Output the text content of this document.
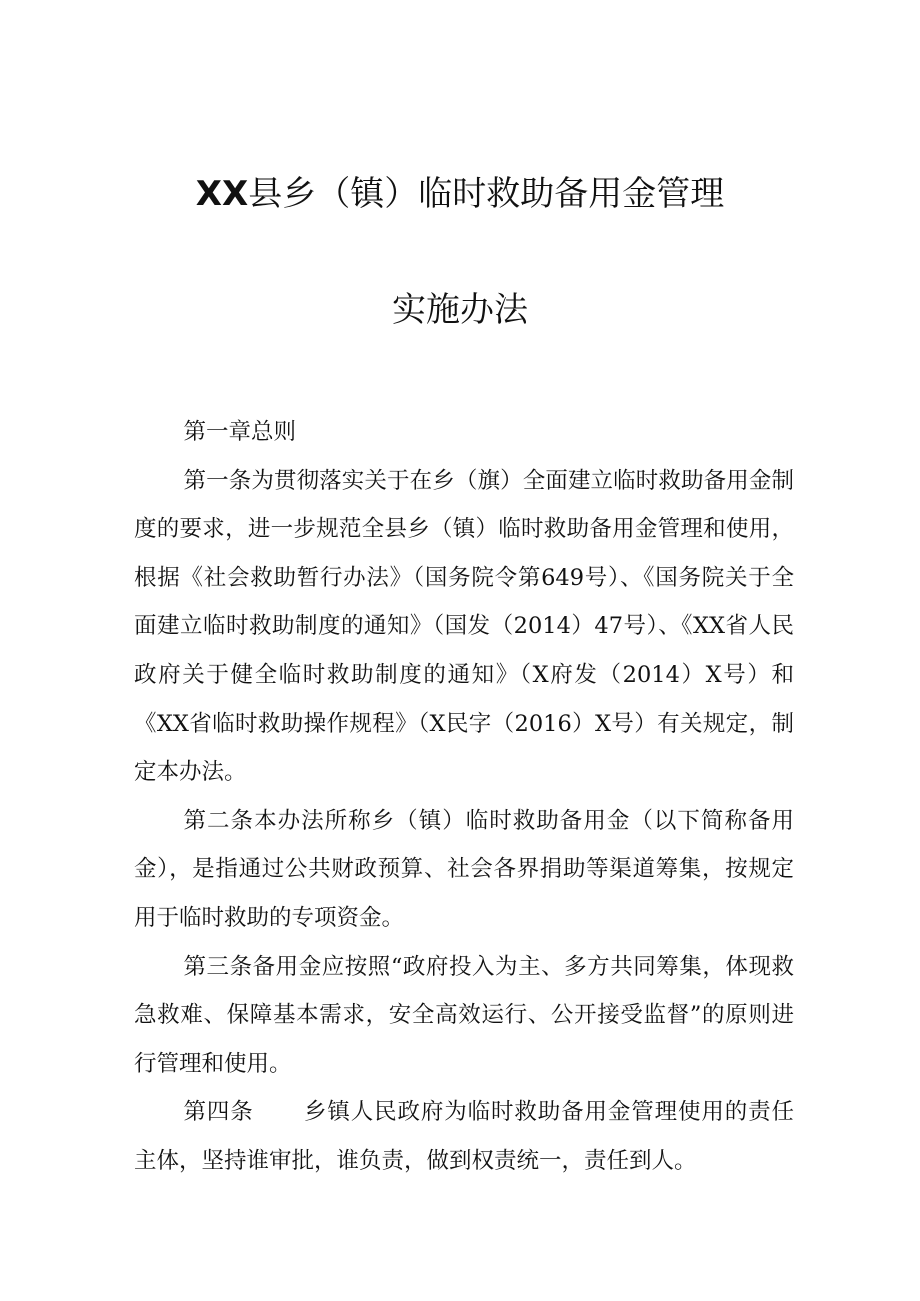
XX县乡（镇）临时救助备用金管理
实施办法

第一章总则

第一条为贯彻落实关于在乡（旗）全面建立临时救助备用金制度的要求，进一步规范全县乡（镇）临时救助备用金管理和使用，根据《社会救助暂行办法》（国务院令第649号）、《国务院关于全面建立临时救助制度的通知》（国发（2014）47号）、《XX省人民政府关于健全临时救助制度的通知》（X府发（2014）X号）和《XX省临时救助操作规程》（X民字（2016）X号）有关规定，制定本办法。

第二条本办法所称乡（镇）临时救助备用金（以下简称备用金），是指通过公共财政预算、社会各界捐助等渠道筹集，按规定用于临时救助的专项资金。

第三条备用金应按照“政府投入为主、多方共同筹集，体现救急救难、保障基本需求，安全高效运行、公开接受监督”的原则进行管理和使用。

第四条 乡镇人民政府为临时救助备用金管理使用的责任主体，坚持谁审批，谁负责，做到权责统一，责任到人。
